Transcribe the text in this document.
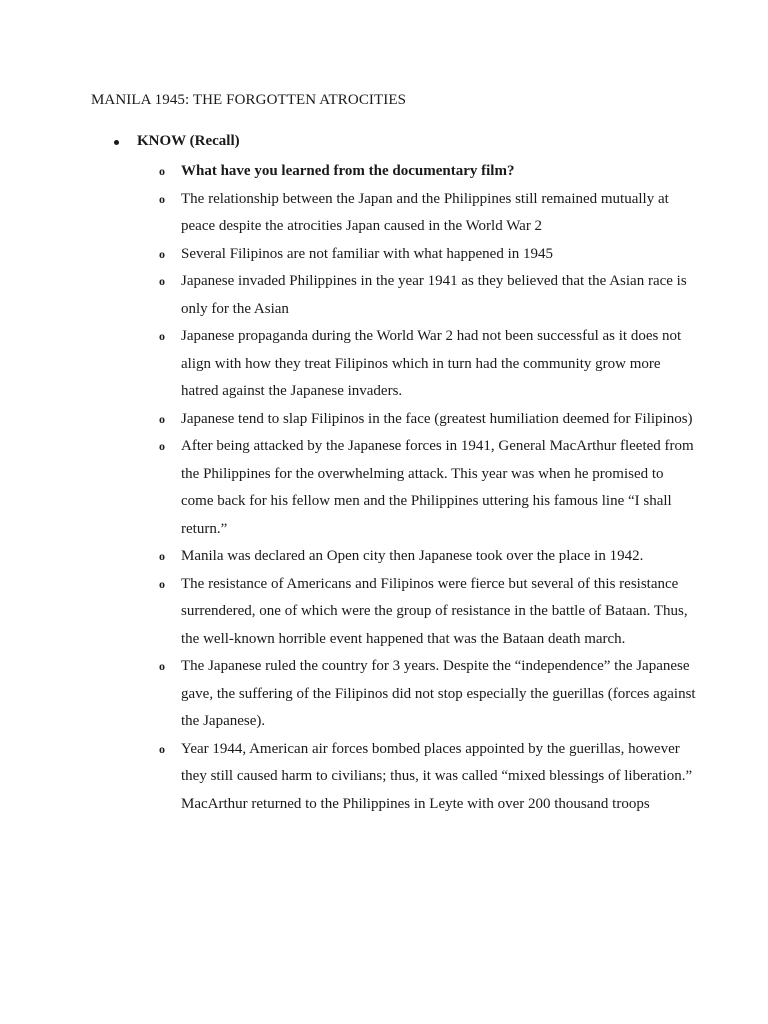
MANILA 1945: THE FORGOTTEN ATROCITIES
KNOW (Recall)

o What have you learned from the documentary film?

o The relationship between the Japan and the Philippines still remained mutually at peace despite the atrocities Japan caused in the World War 2

o Several Filipinos are not familiar with what happened in 1945

o Japanese invaded Philippines in the year 1941 as they believed that the Asian race is only for the Asian

o Japanese propaganda during the World War 2 had not been successful as it does not align with how they treat Filipinos which in turn had the community grow more hatred against the Japanese invaders.

o Japanese tend to slap Filipinos in the face (greatest humiliation deemed for Filipinos)

o After being attacked by the Japanese forces in 1941, General MacArthur fleeted from the Philippines for the overwhelming attack. This year was when he promised to come back for his fellow men and the Philippines uttering his famous line “I shall return.”

o Manila was declared an Open city then Japanese took over the place in 1942.

o The resistance of Americans and Filipinos were fierce but several of this resistance surrendered, one of which were the group of resistance in the battle of Bataan. Thus, the well-known horrible event happened that was the Bataan death march.

o The Japanese ruled the country for 3 years. Despite the “independence” the Japanese gave, the suffering of the Filipinos did not stop especially the guerillas (forces against the Japanese).

o Year 1944, American air forces bombed places appointed by the guerillas, however they still caused harm to civilians; thus, it was called “mixed blessings of liberation.” MacArthur returned to the Philippines in Leyte with over 200 thousand troops
